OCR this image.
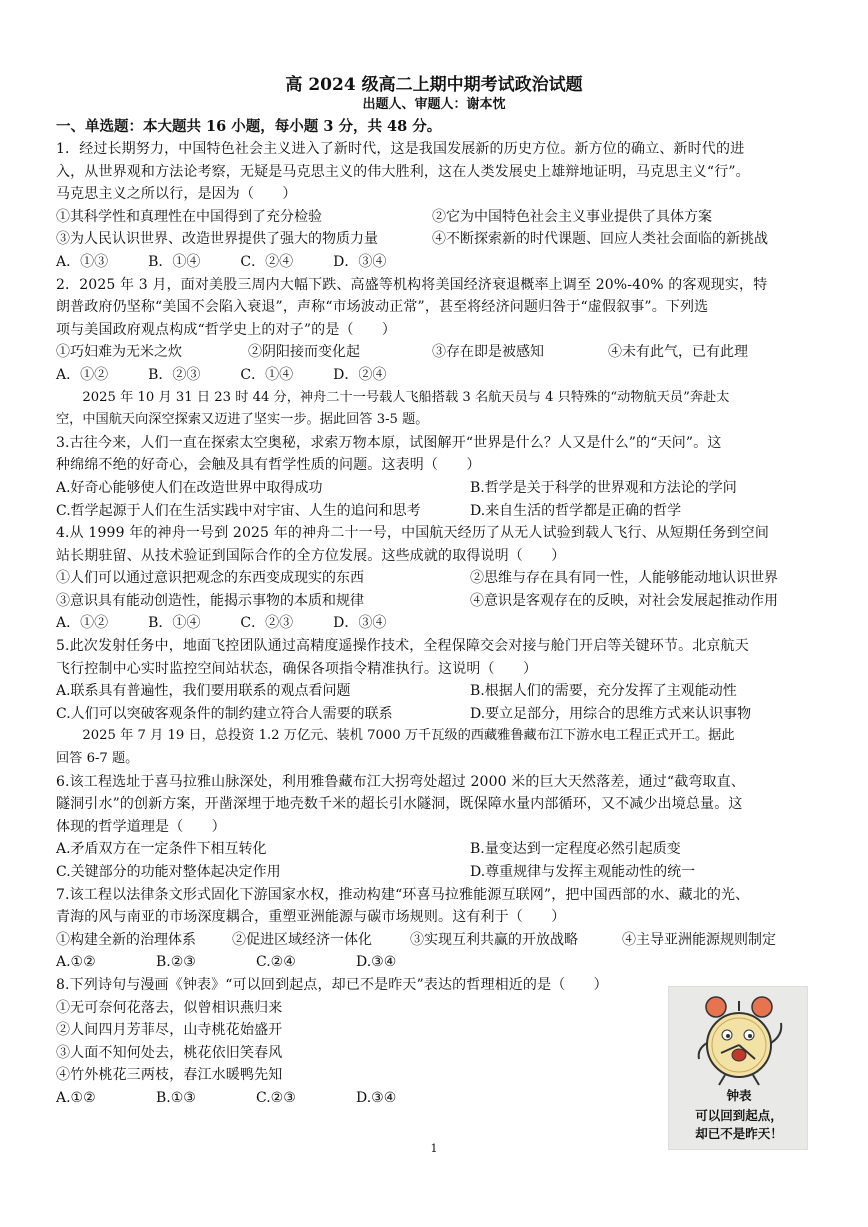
高 2024 级高二上期中期考试政治试题
出题人、审题人：谢本忱
一、单选题：本大题共 16 小题，每小题 3 分，共 48 分。
1．经过长期努力，中国特色社会主义进入了新时代，这是我国发展新的历史方位。新方位的确立、新时代的进
入，从世界观和方法论考察，无疑是马克思主义的伟大胜利，这在人类发展史上雄辩地证明，马克思主义“行”。
马克思主义之所以行，是因为（　　）
①其科学性和真理性在中国得到了充分检验	②它为中国特色社会主义事业提供了具体方案
③为人民认识世界、改造世界提供了强大的物质力量	④不断探索新的时代课题、回应人类社会面临的新挑战
A．①③	B．①④	C．②④	D．③④
2．2025 年 3 月，面对美股三周内大幅下跌、高盛等机构将美国经济衰退概率上调至 20%-40% 的客观现实，特
朗普政府仍坚称“美国不会陷入衰退”，声称“市场波动正常”，甚至将经济问题归咎于“虚假叙事”。下列选
项与美国政府观点构成“哲学史上的对子”的是（　　）
①巧妇难为无米之炊	②阴阳接而变化起	③存在即是被感知	④未有此气，已有此理
A．①②	B．②③	C．①④	D．②④
2025 年 10 月 31 日 23 时 44 分，神舟二十一号载人飞船搭载 3 名航天员与 4 只特殊的“动物航天员”奔赴太
空，中国航天向深空探索又迈进了坚实一步。据此回答 3-5 题。
3.古往今来，人们一直在探索太空奥秘，求索万物本原，试图解开“世界是什么？人又是什么”的“天问”。这
种绵绵不绝的好奇心，会触及具有哲学性质的问题。这表明（　　）
A.好奇心能够使人们在改造世界中取得成功	B.哲学是关于科学的世界观和方法论的学问
C.哲学起源于人们在生活实践中对宇宙、人生的追问和思考	D.来自生活的哲学都是正确的哲学
4.从 1999 年的神舟一号到 2025 年的神舟二十一号，中国航天经历了从无人试验到载人飞行、从短期任务到空间
站长期驻留、从技术验证到国际合作的全方位发展。这些成就的取得说明（　　）
①人们可以通过意识把观念的东西变成现实的东西	②思维与存在具有同一性，人能够能动地认识世界
③意识具有能动创造性，能揭示事物的本质和规律	④意识是客观存在的反映，对社会发展起推动作用
A．①②	B．①④	C．②③	D．③④
5.此次发射任务中，地面飞控团队通过高精度遥操作技术，全程保障交会对接与舱门开启等关键环节。北京航天
飞行控制中心实时监控空间站状态，确保各项指令精准执行。这说明（　　）
A.联系具有普遍性，我们要用联系的观点看问题	B.根据人们的需要，充分发挥了主观能动性
C.人们可以突破客观条件的制约建立符合人需要的联系	D.要立足部分，用综合的思维方式来认识事物
2025 年 7 月 19 日，总投资 1.2 万亿元、装机 7000 万千瓦级的西藏雅鲁藏布江下游水电工程正式开工。据此
回答 6-7 题。
6.该工程选址于喜马拉雅山脉深处，利用雅鲁藏布江大拐弯处超过 2000 米的巨大天然落差，通过“截弯取直、
隧洞引水”的创新方案，开凿深埋于地壳数千米的超长引水隧洞，既保障水量内部循环，又不减少出境总量。这
体现的哲学道理是（　　）
A.矛盾双方在一定条件下相互转化	B.量变达到一定程度必然引起质变
C.关键部分的功能对整体起决定作用	D.尊重规律与发挥主观能动性的统一
7.该工程以法律条文形式固化下游国家水权，推动构建“环喜马拉雅能源互联网”，把中国西部的水、藏北的光、
青海的风与南亚的市场深度耦合，重塑亚洲能源与碳市场规则。这有利于（　　）
①构建全新的治理体系	②促进区域经济一体化	③实现互利共赢的开放战略	④主导亚洲能源规则制定
A.①②	B.②③	C.②④	D.③④
8.下列诗句与漫画《钟表》“可以回到起点，却已不是昨天”表达的哲理相近的是（　　）
①无可奈何花落去，似曾相识燕归来
②人间四月芳菲尽，山寺桃花始盛开
③人面不知何处去，桃花依旧笑春风
④竹外桃花三两枝，春江水暖鸭先知
A.①②	B.①③	C.②③	D.③④	钟表
可以回到起点，
却已不是昨天！
1
